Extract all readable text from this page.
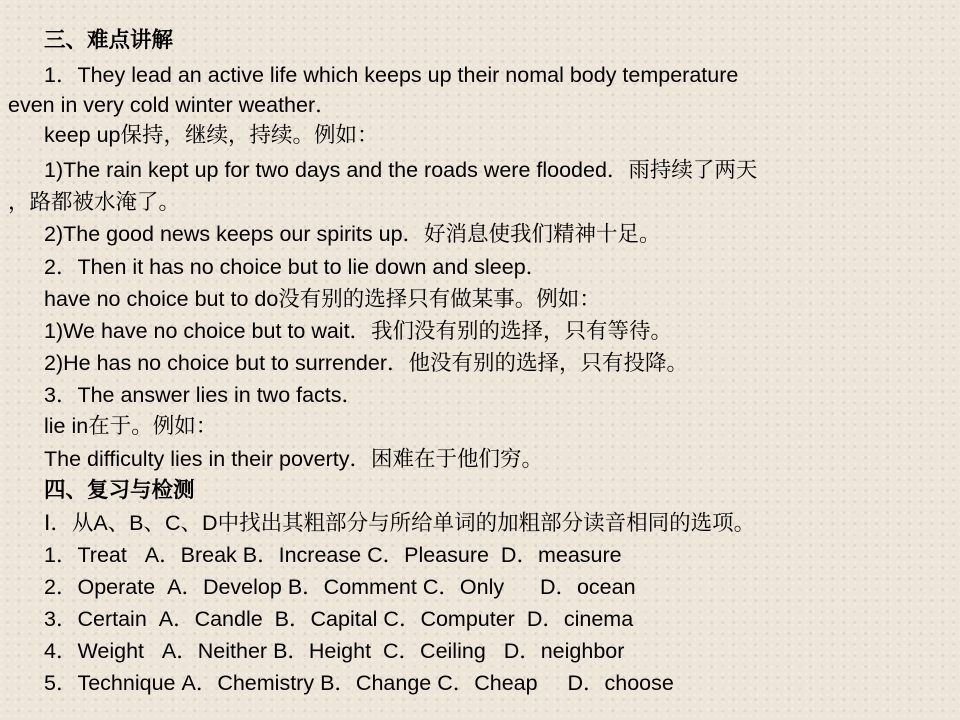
三、难点讲解
1．They lead an active life which keeps up their nomal body temperature
even in very cold winter weather．
keep up保持，继续，持续。例如：
1)The rain kept up for two days and the roads were flooded．雨持续了两天
，路都被水淹了。
2)The good news keeps our spirits up．好消息使我们精神十足。
2．Then it has no choice but to lie down and sleep．
have no choice but to do没有别的选择只有做某事。例如：
1)We have no choice but to wait．我们没有别的选择，只有等待。
2)He has no choice but to surrender．他没有别的选择，只有投降。
3．The answer lies in two facts．
lie in在于。例如：
The difficulty lies in their poverty．困难在于他们穷。
四、复习与检测
Ⅰ．从A、B、C、D中找出其粗部分与所给单词的加粗部分读音相同的选项。
1．Treat A．Break B．Increase C．Pleasure D．measure
2．Operate A．Develop B．Comment C．Only D．ocean
3．Certain A．Candle B．Capital C．Computer D．cinema
4．Weight A．Neither B．Height C．Ceiling D．neighbor
5．Technique A．Chemistry B．Change C．Cheap D．choose
